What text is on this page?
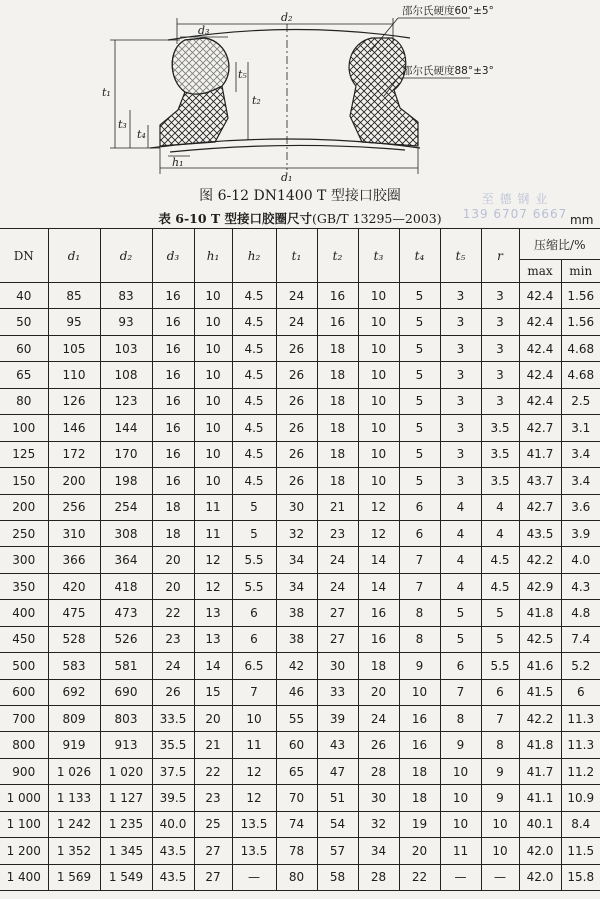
d₂
d₃
d₁
t₁
t₂
t₃
t₄
t₅
h₁
邵尔氏硬度60°±5°
邵尔氏硬度88°±3°
图 6-12 DN1400 T 型接口胶圈	至 德 钢 业
139 6707 6667
表 6-10 T 型接口胶圈尺寸(GB/T 13295—2003)	mm
DN	d₁	d₂	d₃	h₁	h₂	t₁	t₂	t₃	t₄	t₅	r	压缩比/%	
												max	min
40	85	83	16	10	4.5	24	16	10	5	3	3	42.4	1.56
50	95	93	16	10	4.5	24	16	10	5	3	3	42.4	1.56
60	105	103	16	10	4.5	26	18	10	5	3	3	42.4	4.68
65	110	108	16	10	4.5	26	18	10	5	3	3	42.4	4.68
80	126	123	16	10	4.5	26	18	10	5	3	3	42.4	2.5
100	146	144	16	10	4.5	26	18	10	5	3	3.5	42.7	3.1
125	172	170	16	10	4.5	26	18	10	5	3	3.5	41.7	3.4
150	200	198	16	10	4.5	26	18	10	5	3	3.5	43.7	3.4
200	256	254	18	11	5	30	21	12	6	4	4	42.7	3.6
250	310	308	18	11	5	32	23	12	6	4	4	43.5	3.9
300	366	364	20	12	5.5	34	24	14	7	4	4.5	42.2	4.0
350	420	418	20	12	5.5	34	24	14	7	4	4.5	42.9	4.3
400	475	473	22	13	6	38	27	16	8	5	5	41.8	4.8
450	528	526	23	13	6	38	27	16	8	5	5	42.5	7.4
500	583	581	24	14	6.5	42	30	18	9	6	5.5	41.6	5.2
600	692	690	26	15	7	46	33	20	10	7	6	41.5	6
700	809	803	33.5	20	10	55	39	24	16	8	7	42.2	11.3
800	919	913	35.5	21	11	60	43	26	16	9	8	41.8	11.3
900	1 026	1 020	37.5	22	12	65	47	28	18	10	9	41.7	11.2
1 000	1 133	1 127	39.5	23	12	70	51	30	18	10	9	41.1	10.9
1 100	1 242	1 235	40.0	25	13.5	74	54	32	19	10	10	40.1	8.4
1 200	1 352	1 345	43.5	27	13.5	78	57	34	20	11	10	42.0	11.5
1 400	1 569	1 549	43.5	27	—	80	58	28	22	—	—	42.0	15.8
